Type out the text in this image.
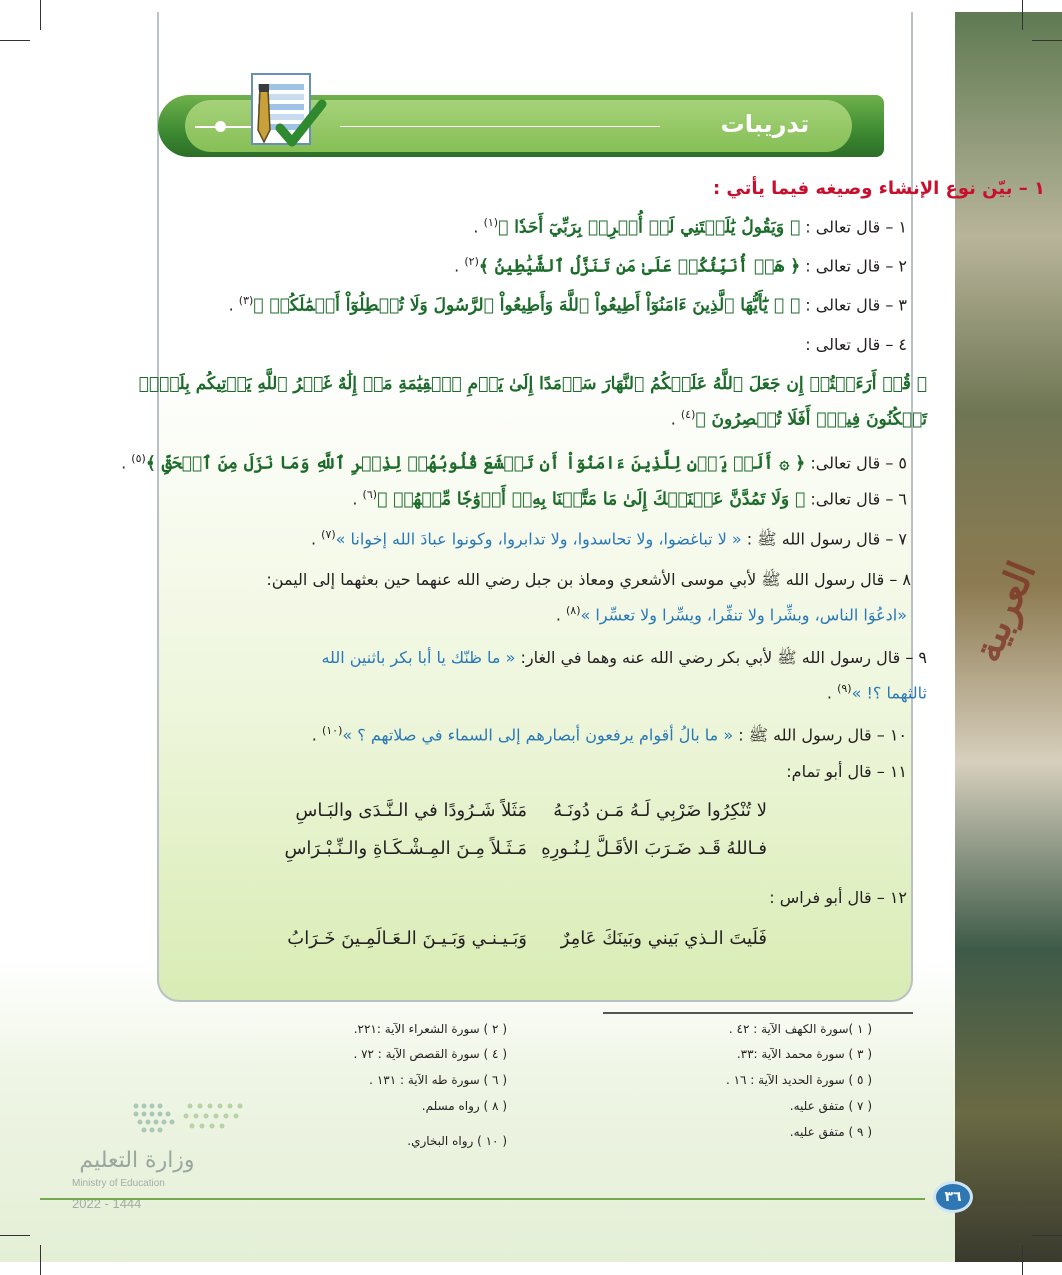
العربية
تدريبات
١ – بيّن نوع الإنشاء وصيغه فيما يأتي :
١ – قال تعالى : ﴿ وَيَقُولُ يَٰلَيۡتَنِي لَمۡ أُشۡرِكۡ بِرَبِّيٓ أَحَدٗا ﴾$^{(١)}$ .
٢ – قال تعالى : ﴿ هَلۡ أُنَبِّئُكُمۡ عَلَىٰ مَن تَنَزَّلُ ٱلشَّيَٰطِينُ ﴾$^{(٢)}$ .
٣ – قال تعالى : ﴿ ۞ يَٰٓأَيُّهَا ٱلَّذِينَ ءَامَنُوٓاْ أَطِيعُواْ ٱللَّهَ وَأَطِيعُواْ ٱلرَّسُولَ وَلَا تُبۡطِلُوٓاْ أَعۡمَٰلَكُمۡ ﴾$^{(٣)}$ .
٤ – قال تعالى :
﴿ قُلۡ أَرَءَيۡتُمۡ إِن جَعَلَ ٱللَّهُ عَلَيۡكُمُ ٱلنَّهَارَ سَرۡمَدًا إِلَىٰ يَوۡمِ ٱلۡقِيَٰمَةِ مَنۡ إِلَٰهٌ غَيۡرُ ٱللَّهِ يَأۡتِيكُم بِلَيۡلٖ
تَسۡكُنُونَ فِيهِۚ أَفَلَا تُبۡصِرُونَ ﴾$^{(٤)}$ .
٥ – قال تعالى: ﴿ ۞ أَلَمۡ يَأۡنِ لِلَّذِينَ ءَامَنُوٓاْ أَن تَخۡشَعَ قُلُوبُهُمۡ لِذِكۡرِ ٱللَّهِ وَمَا نَزَلَ مِنَ ٱلۡحَقِّ ﴾$^{(٥)}$ .
٦ – قال تعالى: ﴿ وَلَا تَمُدَّنَّ عَيۡنَيۡكَ إِلَىٰ مَا مَتَّعۡنَا بِهِۦٓ أَزۡوَٰجٗا مِّنۡهُمۡ ﴾$^{(٦)}$ .
٧ – قال رسول الله ﷺ : « لا تباغضوا، ولا تحاسدوا، ولا تدابروا، وكونوا عبادَ الله إخوانا »$^{(٧)}$ .
٨ – قال رسول الله ﷺ لأبي موسى الأشعري ومعاذ بن جبل رضي الله عنهما حين بعثهما إلى اليمن:
«ادعُوَا الناس، وبشِّرا ولا تنفِّرا، ويسِّرا ولا تعسِّرا »$^{(٨)}$ .
٩ – قال رسول الله ﷺ لأبي بكر رضي الله عنه وهما في الغار: « ما ظنّك يا أبا بكر باثنين الله
ثالثهما ؟! »$^{(٩)}$ .
١٠ – قال رسول الله ﷺ : « ما بالُ أقوام يرفعون أبصارهم إلى السماء في صلاتهم ؟ »$^{(١٠)}$ .
١١ – قال أبو تمام:
١٢ – قال أبو فراس :
لا تُنْكِرُوا ضَرْبِي لَـهُ مَـن دُونَـهُ
مَثَلاً شَـرُودًا في الـنَّـدَى والبَـاسِ
فـاللهُ قَـد ضَـرَبَ الأقَـلَّ لِـنُـورِهِ
مَـثَـلاً مِـنَ المِـشْـكَـاةِ والـنِّـبْـرَاسِ
فَلَيتَ الـذي بَيني وبَينَكَ عَامِرٌ
وَبَـيـنـي وَبَـيـنَ الـعَـالَمِـينَ خَـرَابُ
( ١ )سورة الكهف الآية : ٤٢ .
( ٣ ) سورة محمد الآية :٣٣.
( ٥ ) سورة الحديد الآية : ١٦ .
( ٧ ) متفق عليه.
( ٩ ) متفق عليه.
( ٢ ) سورة الشعراء الآية :٢٢١.
( ٤ ) سورة القصص الآية : ٧٢ .
( ٦ ) سورة طه الآية : ١٣١ .
( ٨ ) رواه مسلم.
( ١٠ ) رواه البخاري.
وزارة التعليم
Ministry of Education
2022 - 1444	٣٦
